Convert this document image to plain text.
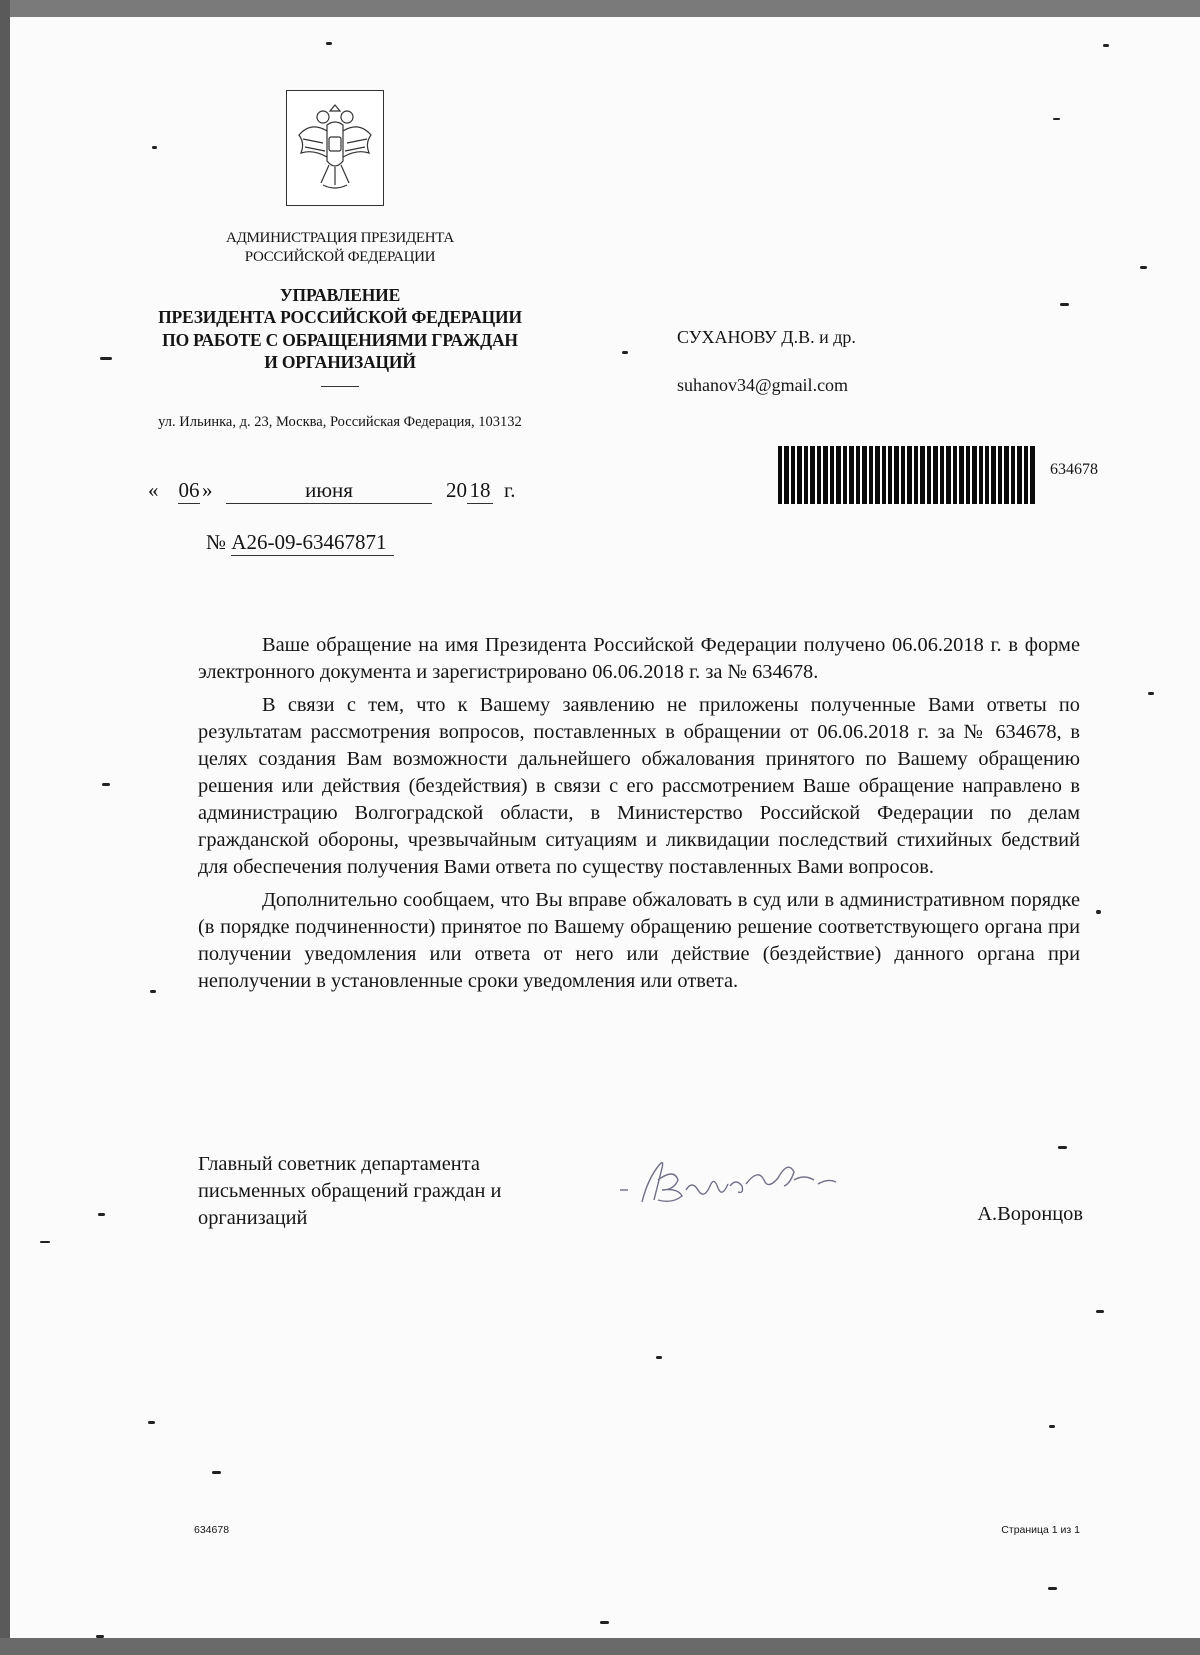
АДМИНИСТРАЦИЯ ПРЕЗИДЕНТА
РОССИЙСКОЙ ФЕДЕРАЦИИ
УПРАВЛЕНИЕ
ПРЕЗИДЕНТА РОССИЙСКОЙ ФЕДЕРАЦИИ
ПО РАБОТЕ С ОБРАЩЕНИЯМИ ГРАЖДАН
И ОРГАНИЗАЦИЙ
ул. Ильинка, д. 23, Москва, Российская Федерация, 103132
СУХАНОВУ Д.В. и др.
suhanov34@gmail.com
634678
« 06 »	июня	20 18 г.
№ А26-09-63467871

Ваше обращение на имя Президента Российской Федерации получено 06.06.2018 г. в форме электронного документа и зарегистрировано 06.06.2018 г. за № 634678.

В связи с тем, что к Вашему заявлению не приложены полученные Вами ответы по результатам рассмотрения вопросов, поставленных в обращении от 06.06.2018 г. за № 634678, в целях создания Вам возможности дальнейшего обжалования принятого по Вашему обращению решения или действия (бездействия) в связи с его рассмотрением Ваше обращение направлено в администрацию Волгоградской области, в Министерство Российской Федерации по делам гражданской обороны, чрезвычайным ситуациям и ликвидации последствий стихийных бедствий для обеспечения получения Вами ответа по существу поставленных Вами вопросов.

Дополнительно сообщаем, что Вы вправе обжаловать в суд или в административном порядке (в порядке подчиненности) принятое по Вашему обращению решение соответствующего органа при получении уведомления или ответа от него или действие (бездействие) данного органа при неполучении в установленные сроки уведомления или ответа.

Главный советник департамента
письменных обращений граждан и
организаций	А.Воронцов
634678	Страница 1 из 1
